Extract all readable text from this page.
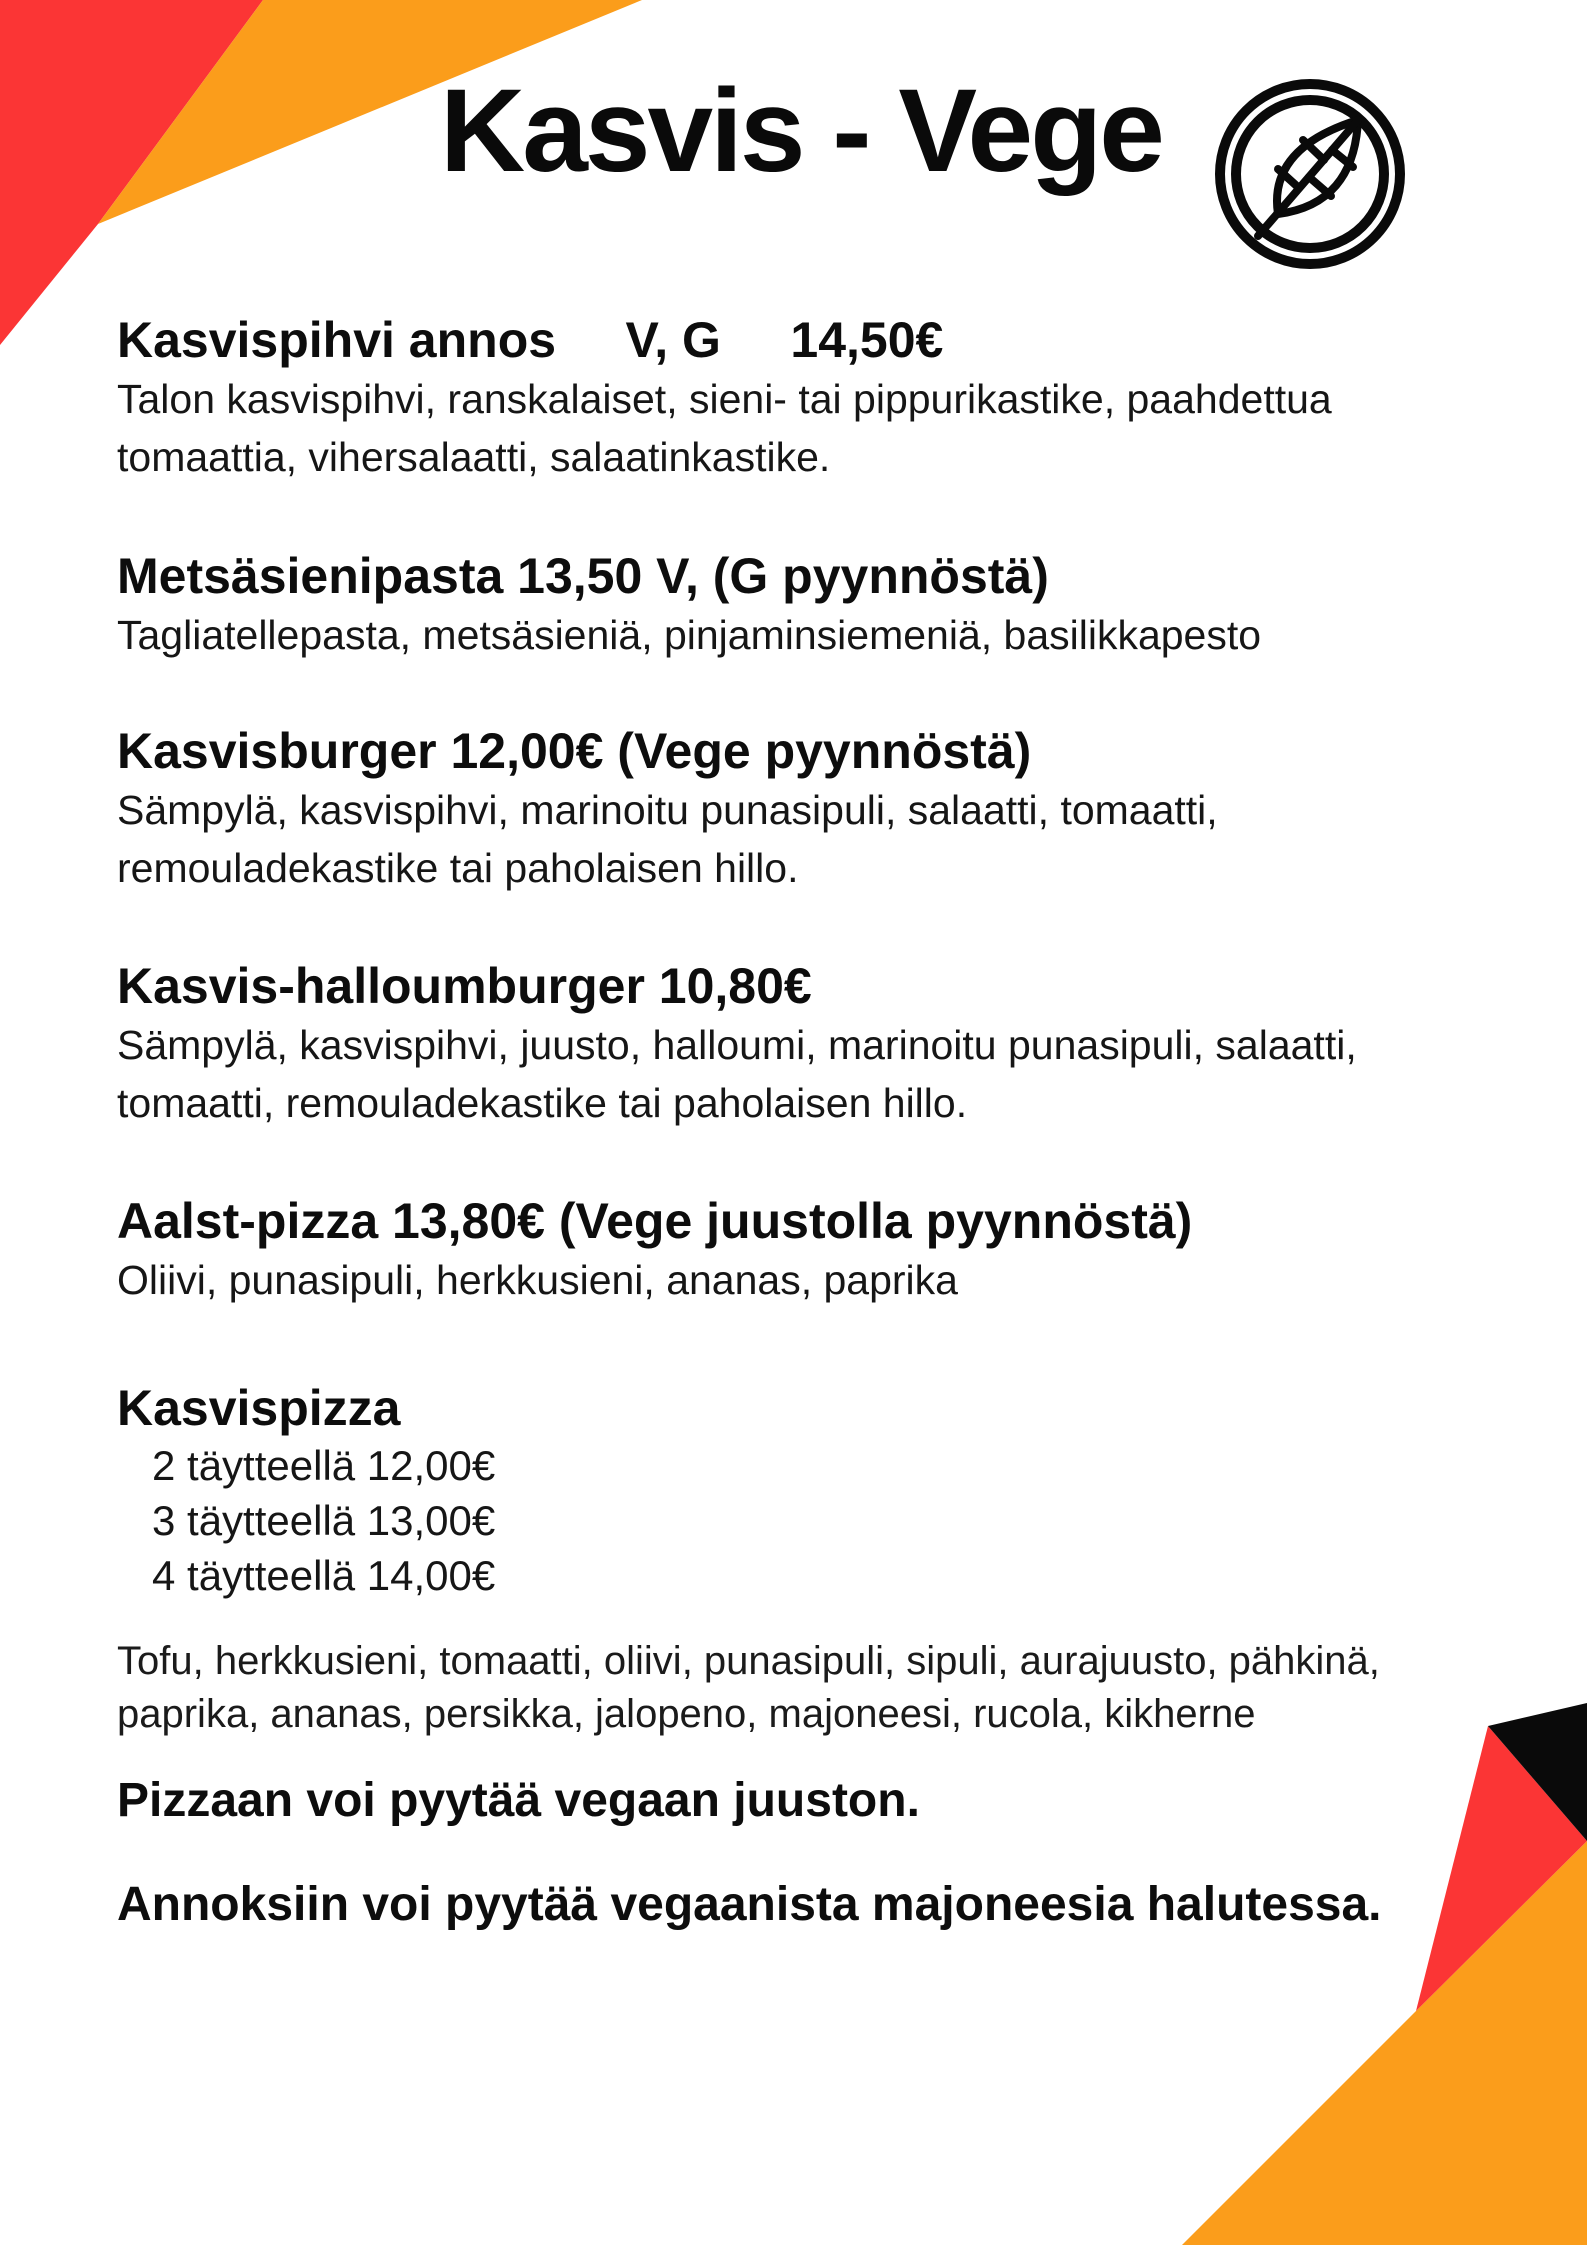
Kasvis - Vege
Kasvispihvi annos     V, G     14,50€
Talon kasvispihvi, ranskalaiset, sieni- tai pippurikastike, paahdettua tomaattia, vihersalaatti, salaatinkastike.
Metsäsienipasta 13,50 V, (G pyynnöstä)
Tagliatellepasta, metsäsieniä, pinjaminsiemeniä, basilikkapesto
Kasvisburger 12,00€ (Vege pyynnöstä)
Sämpylä, kasvispihvi, marinoitu punasipuli, salaatti, tomaatti, remouladekastike tai paholaisen hillo.
Kasvis-halloumburger 10,80€
Sämpylä, kasvispihvi, juusto, halloumi, marinoitu punasipuli, salaatti, tomaatti, remouladekastike tai paholaisen hillo.
Aalst-pizza 13,80€ (Vege juustolla pyynnöstä)
Oliivi, punasipuli, herkkusieni, ananas, paprika
Kasvispizza
2 täytteellä 12,00€
3 täytteellä 13,00€
4 täytteellä 14,00€
Tofu, herkkusieni, tomaatti, oliivi, punasipuli, sipuli, aurajuusto, pähkinä, paprika, ananas, persikka, jalopeno, majoneesi, rucola, kikherne
Pizzaan voi pyytää vegaan juuston.
Annoksiin voi pyytää vegaanista majoneesia halutessa.
